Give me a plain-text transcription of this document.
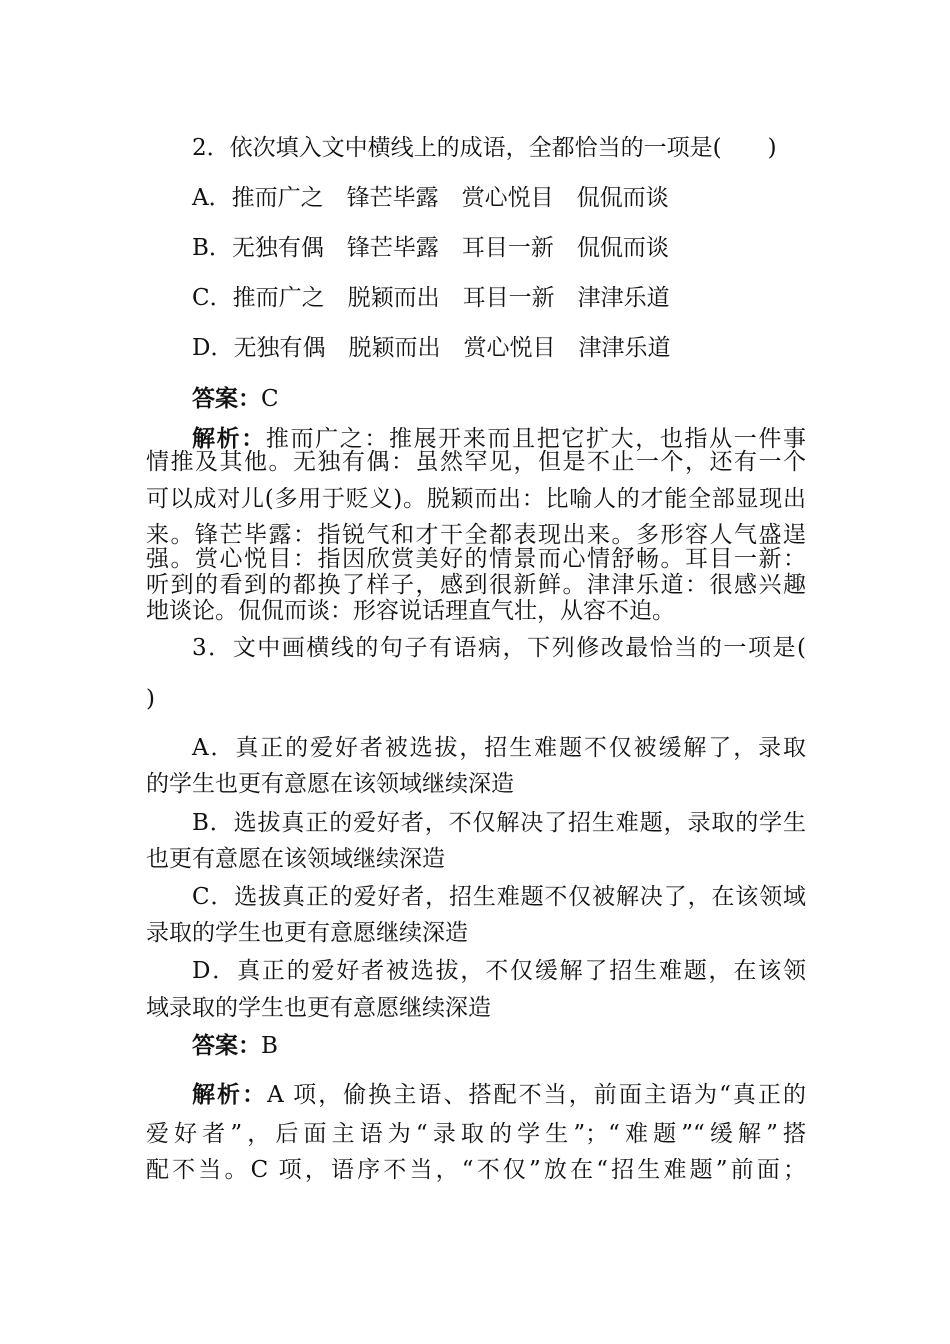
2．依次填入文中横线上的成语，全都恰当的一项是(　　)
A．推而广之　锋芒毕露　赏心悦目　侃侃而谈
B．无独有偶　锋芒毕露　耳目一新　侃侃而谈
C．推而广之　脱颖而出　耳目一新　津津乐道
D．无独有偶　脱颖而出　赏心悦目　津津乐道
答案：C
解析：推而广之：推展开来而且把它扩大，也指从一件事
情推及其他。无独有偶：虽然罕见，但是不止一个，还有一个
可以成对儿(多用于贬义)。脱颖而出：比喻人的才能全部显现出
来。锋芒毕露：指锐气和才干全都表现出来。多形容人气盛逞
强。赏心悦目：指因欣赏美好的情景而心情舒畅。耳目一新：
听到的看到的都换了样子，感到很新鲜。津津乐道：很感兴趣
地谈论。侃侃而谈：形容说话理直气壮，从容不迫。
3．文中画横线的句子有语病，下列修改最恰当的一项是(
)
A．真正的爱好者被选拔，招生难题不仅被缓解了，录取
的学生也更有意愿在该领域继续深造
B．选拔真正的爱好者，不仅解决了招生难题，录取的学生
也更有意愿在该领域继续深造
C．选拔真正的爱好者，招生难题不仅被解决了，在该领域
录取的学生也更有意愿继续深造
D．真正的爱好者被选拔，不仅缓解了招生难题，在该领
域录取的学生也更有意愿继续深造
答案：B
解析：A 项，偷换主语、搭配不当，前面主语为“真正的
爱好者”，后面主语为“录取的学生”；“难题”“缓解”搭
配不当。C 项，语序不当，“不仅”放在“招生难题”前面；
